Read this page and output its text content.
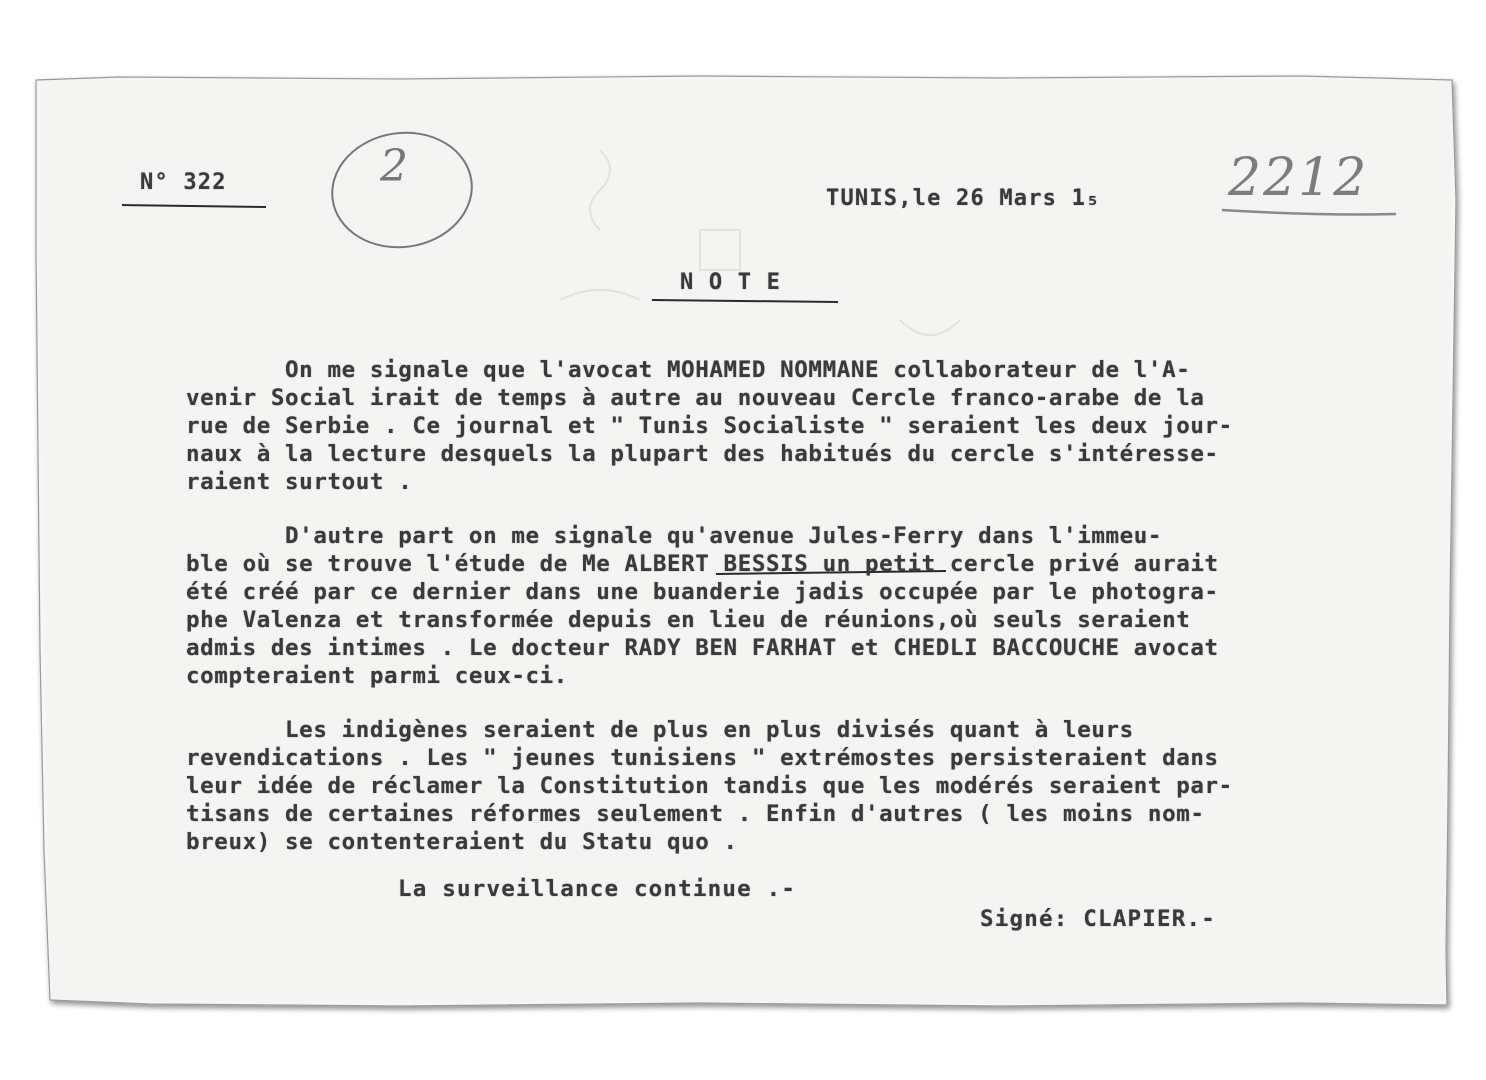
N° 322
TUNIS,le 26 Mars 1₅ 2212
2
N O T E
On me signale que l'avocat MOHAMED NOMMANE collaborateur de l'A-
venir Social irait de temps à autre au nouveau Cercle franco-arabe de la
rue de Serbie . Ce journal et " Tunis Socialiste " seraient les deux jour-
naux à la lecture desquels la plupart des habitués du cercle s'intéresse-
raient surtout .
D'autre part on me signale qu'avenue Jules-Ferry dans l'immeu-
ble où se trouve l'étude de Me ALBERT BESSIS un petit cercle privé aurait
été créé par ce dernier dans une buanderie jadis occupée par le photogra-
phe Valenza et transformée depuis en lieu de réunions,où seuls seraient
admis des intimes . Le docteur RADY BEN FARHAT et CHEDLI BACCOUCHE avocat
compteraient parmi ceux-ci.
Les indigènes seraient de plus en plus divisés quant à leurs
revendications . Les " jeunes tunisiens " extrémostes persisteraient dans
leur idée de réclamer la Constitution tandis que les modérés seraient par-
tisans de certaines réformes seulement . Enfin d'autres ( les moins nom-
breux) se contenteraient du Statu quo .
La surveillance continue .-
Signé: CLAPIER.-
